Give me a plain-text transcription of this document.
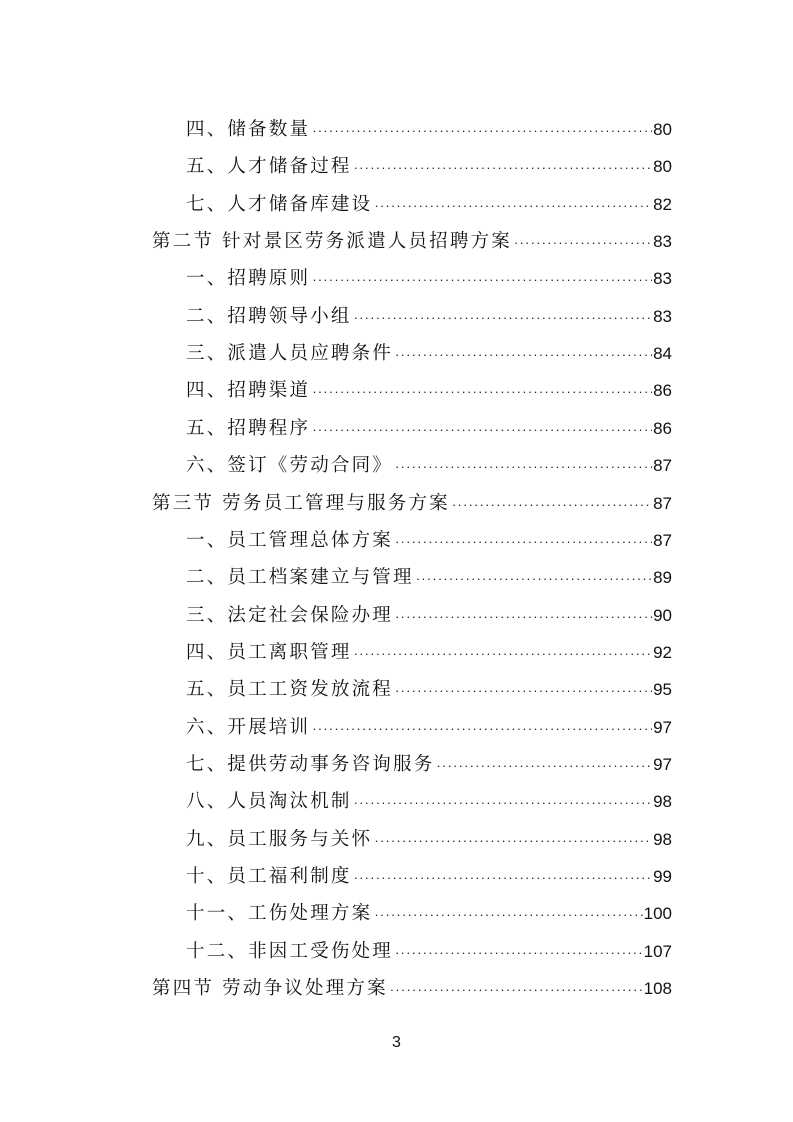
四、储备数量 ·····	80
五、人才储备过程 ·····	80
七、人才储备库建设 ·····	82
第二节 针对景区劳务派遣人员招聘方案 ·····	83
一、招聘原则 ·····	83
二、招聘领导小组 ·····	83
三、派遣人员应聘条件 ·····	84
四、招聘渠道 ·····	86
五、招聘程序 ·····	86
六、签订《劳动合同》 ·····	87
第三节 劳务员工管理与服务方案 ·····	87
一、员工管理总体方案 ·····	87
二、员工档案建立与管理 ·····	89
三、法定社会保险办理 ·····	90
四、员工离职管理 ·····	92
五、员工工资发放流程 ·····	95
六、开展培训 ·····	97
七、提供劳动事务咨询服务 ·····	97
八、人员淘汰机制 ·····	98
九、员工服务与关怀 ·····	98
十、员工福利制度 ·····	99
十一、工伤处理方案 ·····	100
十二、非因工受伤处理 ·····	107
第四节 劳动争议处理方案 ·····	108
3
